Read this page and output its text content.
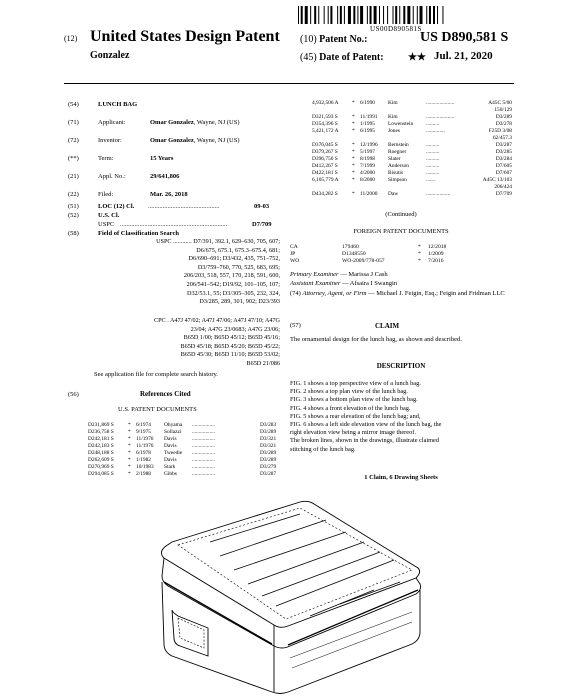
US00D890581S
(12) United States Design Patent
Gonzalez
(10) Patent No.:	US D890,581 S
(45) Date of Patent: ★★ Jul. 21, 2020
(54)	LUNCH BAG
(71)	Applicant:	Omar Gonzalez, Wayne, NJ (US)
(72)	Inventor:	Omar Gonzalez, Wayne, NJ (US)
(**)	Term:	15 Years
(21)	Appl. No.:	29/641,806
(22)	Filed:	Mar. 26, 2018
(51)	LOC (12) Cl. ............................................	09-03
(52)	U.S. Cl.
USPC ..................................................................	D7/709
(58)	Field of Classification Search
USPC ............ D7/391, 392.1, 629–630, 705, 607;
D6/675, 675.1, 675.3–675.4, 681;
D6/690–691; D3/432, 435, 751–752,
D3/759–760, 770, 525, 683, 695;
206/203, 518, 557, 170, 218, 591, 600,
206/541–542; D19/92, 101–105, 107;
D32/53.1, 55; D3/305–305, 232, 324,
D3/285, 289, 301, 902; D23/393
CPC . A47J 47/02; A47J 47/06; A47J 47/10; A47G
23/04; A47G 23/0683; A47G 23/06;
B65D 1/00; B65D 45/12; B65D 45/16;
B65D 45/18; B65D 45/20; B65D 45/22;
B65D 45/30; B65D 11/10; B65D 53/02;
B65D 21/086
See application file for complete search history.
(56)	References Cited
U.S. PATENT DOCUMENTS
D231,869 S	* 6/1974 Ohyama .................	D3/283
D236,758 S	* 9/1975 Sollazzi .................	D3/289
D242,181 S	* 11/1976 Davis	.................	D3/321
D242,183 S	* 11/1976 Davis	.................	D3/321
D248,188 S	* 6/1978 Tweedie .................	D3/289
D262,609 S	* 1/1982 Davis	.................	D3/289
D270,969 S	* 10/1983 Stark	.................	D3/279
D294,085 S	* 2/1988 Gibbs	.................	D3/287
4,932,506 A * 6/1990 Kim	.....................	A45C 5/00
150/129
D321,593 S	* 11/1991 Kim	.....................	D3/289
D354,396 S	* 1/1995 Lowenstein ..........	D3/278
5,421,172 A * 6/1995 Jones	..............	F25D 3/08
62/457.3
D376,045 S	* 12/1996 Bernstein	..........	D3/287
D379,267 S	* 5/1997 Roegner	..........	D3/285
D396,750 S	* 8/1998 Slater	..........	D3/284
D412,267 S	* 7/1999 Anderson	..........	D7/605
D422,181 S	* 4/2000 Bisutis	..........	D7/607
6,105,779 A * 8/2000 Simpson	.......	A45C 13/103
206/424
D434,282 S	* 11/2000 Daw	..................	D7/709
(Continued)
FOREIGN PATENT DOCUMENTS
CA	179460	* 12/2018
JP	D1348550	* 1/2009
WO	WO-2009/778-057	* 7/2016
Primary Examiner — Marissa J Cash
Assistant Examiner — Afsaira I Swangin
(74) Attorney, Agent, or Firm — Michael J. Feigin, Esq.; Feigin and Fridman LLC
(57)	CLAIM
The ornamental design for the lunch bag, as shown and described.
DESCRIPTION
FIG. 1 shows a top perspective view of a lunch bag.
FIG. 2 shows a top plan view of the lunch bag.
FIG. 3 shows a bottom plan view of the lunch bag.
FIG. 4 shows a front elevation of the lunch bag.
FIG. 5 shows a rear elevation of the lunch bag; and,
FIG. 6 shows a left side elevation view of the lunch bag, the
right elevation view being a mirror image thereof.
The broken lines, shown in the drawings, illustrate claimed
stitching of the lunch bag.
1 Claim, 6 Drawing Sheets
